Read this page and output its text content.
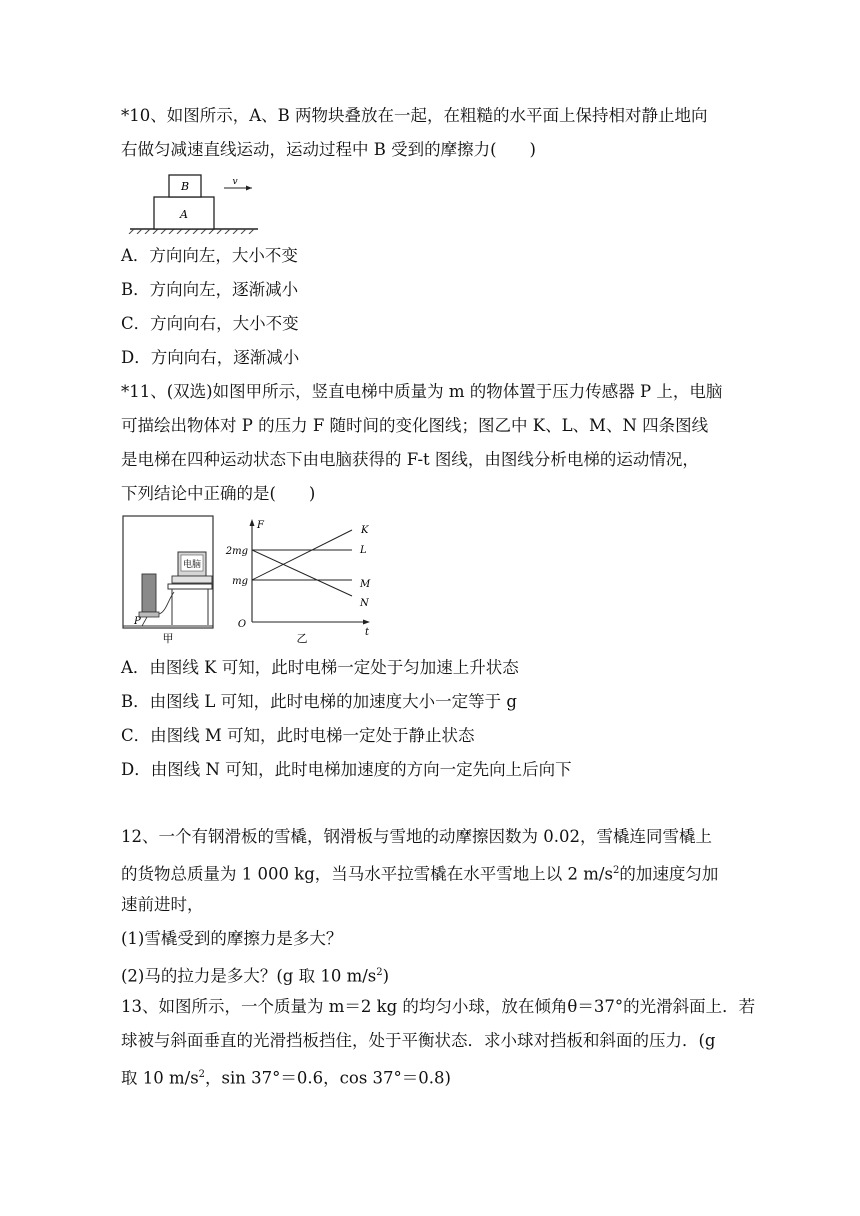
*10、如图所示，A、B 两物块叠放在一起，在粗糙的水平面上保持相对静止地向
右做匀减速直线运动，运动过程中 B 受到的摩擦力(　　)
A
B	v
A．方向向左，大小不变
B．方向向左，逐渐减小
C．方向向右，大小不变
D．方向向右，逐渐减小
*11、(双选)如图甲所示，竖直电梯中质量为 m 的物体置于压力传感器 P 上，电脑
可描绘出物体对 P 的压力 F 随时间的变化图线；图乙中 K、L、M、N 四条图线
是电梯在四种运动状态下由电脑获得的 F-t 图线，由图线分析电梯的运动情况，
下列结论中正确的是(　　)
电脑
P
甲
F
t
O
2mg
mg
K
L
M
N
乙
A．由图线 K 可知，此时电梯一定处于匀加速上升状态
B．由图线 L 可知，此时电梯的加速度大小一定等于 g
C．由图线 M 可知，此时电梯一定处于静止状态
D．由图线 N 可知，此时电梯加速度的方向一定先向上后向下
12、一个有钢滑板的雪橇，钢滑板与雪地的动摩擦因数为 0.02，雪橇连同雪橇上
的货物总质量为 1 000 kg，当马水平拉雪橇在水平雪地上以 2 $m/s^2$的加速度匀加
速前进时，
(1)雪橇受到的摩擦力是多大？
(2)马的拉力是多大？(g 取 10 $m/s^2$)
13、如图所示，一个质量为 m＝2 kg 的均匀小球，放在倾角θ＝37°的光滑斜面上．若
球被与斜面垂直的光滑挡板挡住，处于平衡状态．求小球对挡板和斜面的压力．(g
取 10 $m/s^2$，sin 37°＝0.6，cos 37°＝0.8)
